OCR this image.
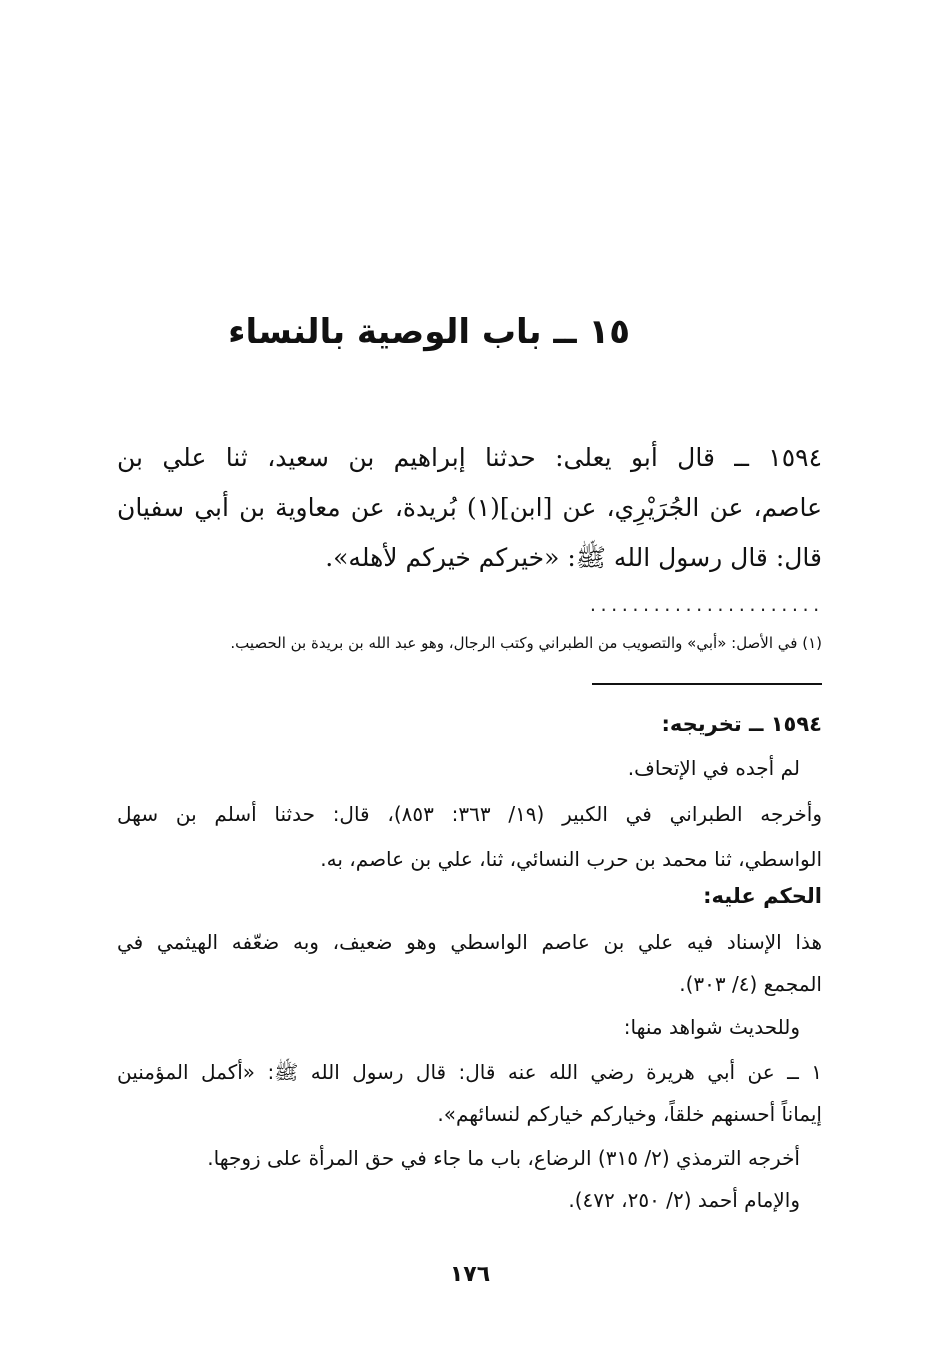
١٥ ــ باب الوصية بالنساء
١٥٩٤ ــ قال أبو يعلى: حدثنا إبراهيم بن سعيد، ثنا علي بن
عاصم، عن الجُرَيْرِي، عن [ابن](١) بُريدة، عن معاوية بن أبي سفيان
قال: قال رسول الله ﷺ: «خيركم خيركم لأهله».
......................
(١) في الأصل: «أبي» والتصويب من الطبراني وكتب الرجال، وهو عبد الله بن بريدة بن الحصيب.
١٥٩٤ ــ تخريجه:
لم أجده في الإتحاف.
وأخرجه الطبراني في الكبير (١٩/ ٣٦٣: ٨٥٣)، قال: حدثنا أسلم بن سهل
الواسطي، ثنا محمد بن حرب النسائي، ثنا، علي بن عاصم، به.
الحكم عليه:
هذا الإسناد فيه علي بن عاصم الواسطي وهو ضعيف، وبه ضعّفه الهيثمي في
المجمع (٤/ ٣٠٣).
وللحديث شواهد منها:
١ ــ عن أبي هريرة رضي الله عنه قال: قال رسول الله ﷺ: «أكمل المؤمنين
إيماناً أحسنهم خلقاً، وخياركم خياركم لنسائهم».
أخرجه الترمذي (٢/ ٣١٥) الرضاع، باب ما جاء في حق المرأة على زوجها.
والإمام أحمد (٢/ ٢٥٠، ٤٧٢).
١٧٦
